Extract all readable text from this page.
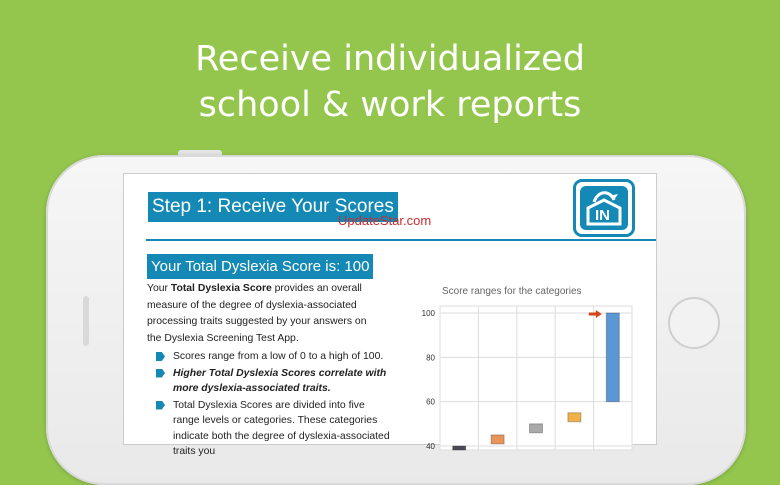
Receive individualized
school & work reports
Step 1: Receive Your Scores
UpdateStar.com	IN
Your Total Dyslexia Score is: 100
Your Total Dyslexia Score provides an overall measure of the degree of dyslexia-associated processing traits suggested by your answers on the Dyslexia Screening Test App.
Scores range from a low of 0 to a high of 100.
Higher Total Dyslexia Scores correlate with more dyslexia-associated traits.
Total Dyslexia Scores are divided into five range levels or categories. These categories indicate both the degree of dyslexia-associated traits you
Score ranges for the categories
40
60
80
100
